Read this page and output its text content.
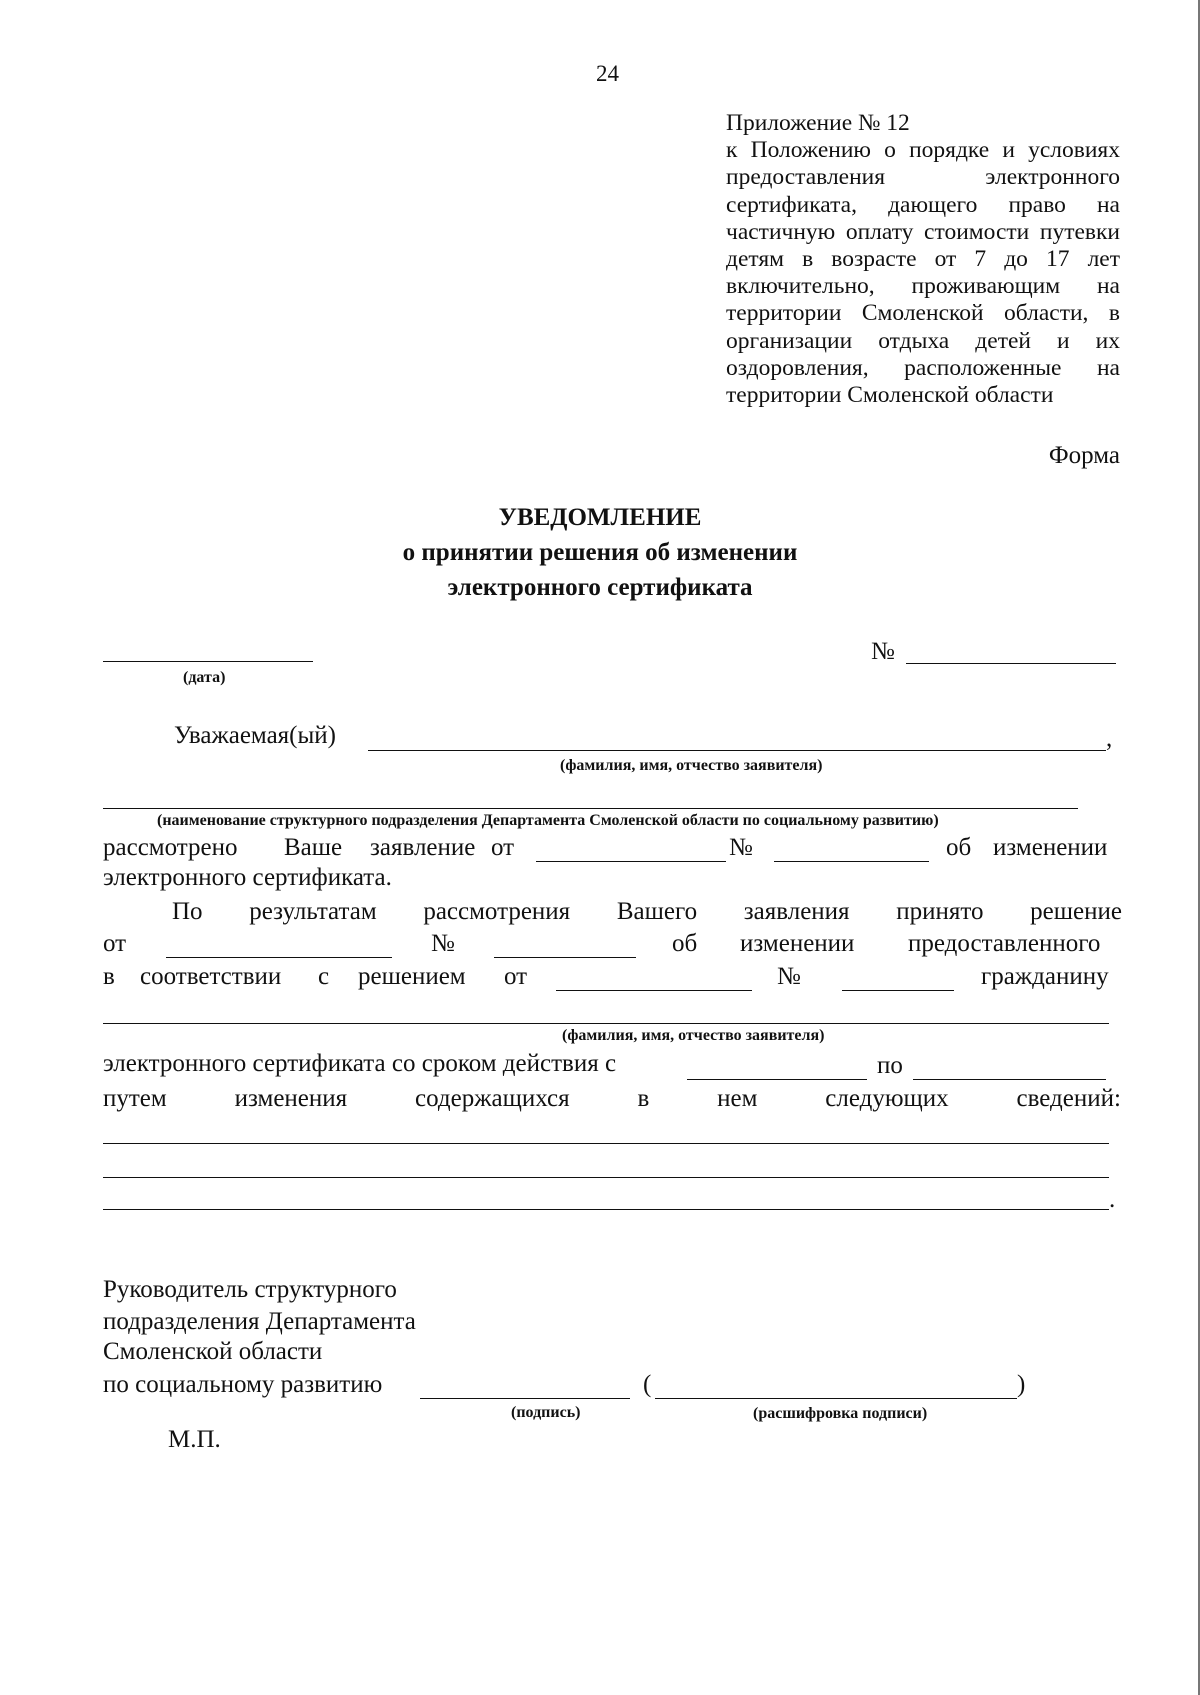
24
Приложение № 12
к Положению о порядке и условиях
предоставления электронного
сертификата, дающего право на
частичную оплату стоимости путевки
детям в возрасте от 7 до 17 лет
включительно, проживающим на
территории Смоленской области, в
организации отдыха детей и их
оздоровления, расположенные на
территории Смоленской области
Форма
УВЕДОМЛЕНИЕ
о принятии решения об изменении
электронного сертификата
(дата)
№
Уважаемая(ый)	,
(фамилия, имя, отчество заявителя)
(наименование структурного подразделения Департамента Смоленской области по социальному развитию)
рассмотрено Ваше заявление от	№	об изменении
электронного сертификата.
По результатам рассмотрения Вашего заявления принято решение
от	№	об изменении предоставленного
в соответствии с решением от	№	гражданину
(фамилия, имя, отчество заявителя)
электронного сертификата со сроком действия с	по
путем	изменения	содержащихся	в	нем	следующих	сведений:
.
Руководитель структурного
подразделения Департамента
Смоленской области
по социальному развитию	(	)
(подпись)	(расшифровка подписи)
М.П.
